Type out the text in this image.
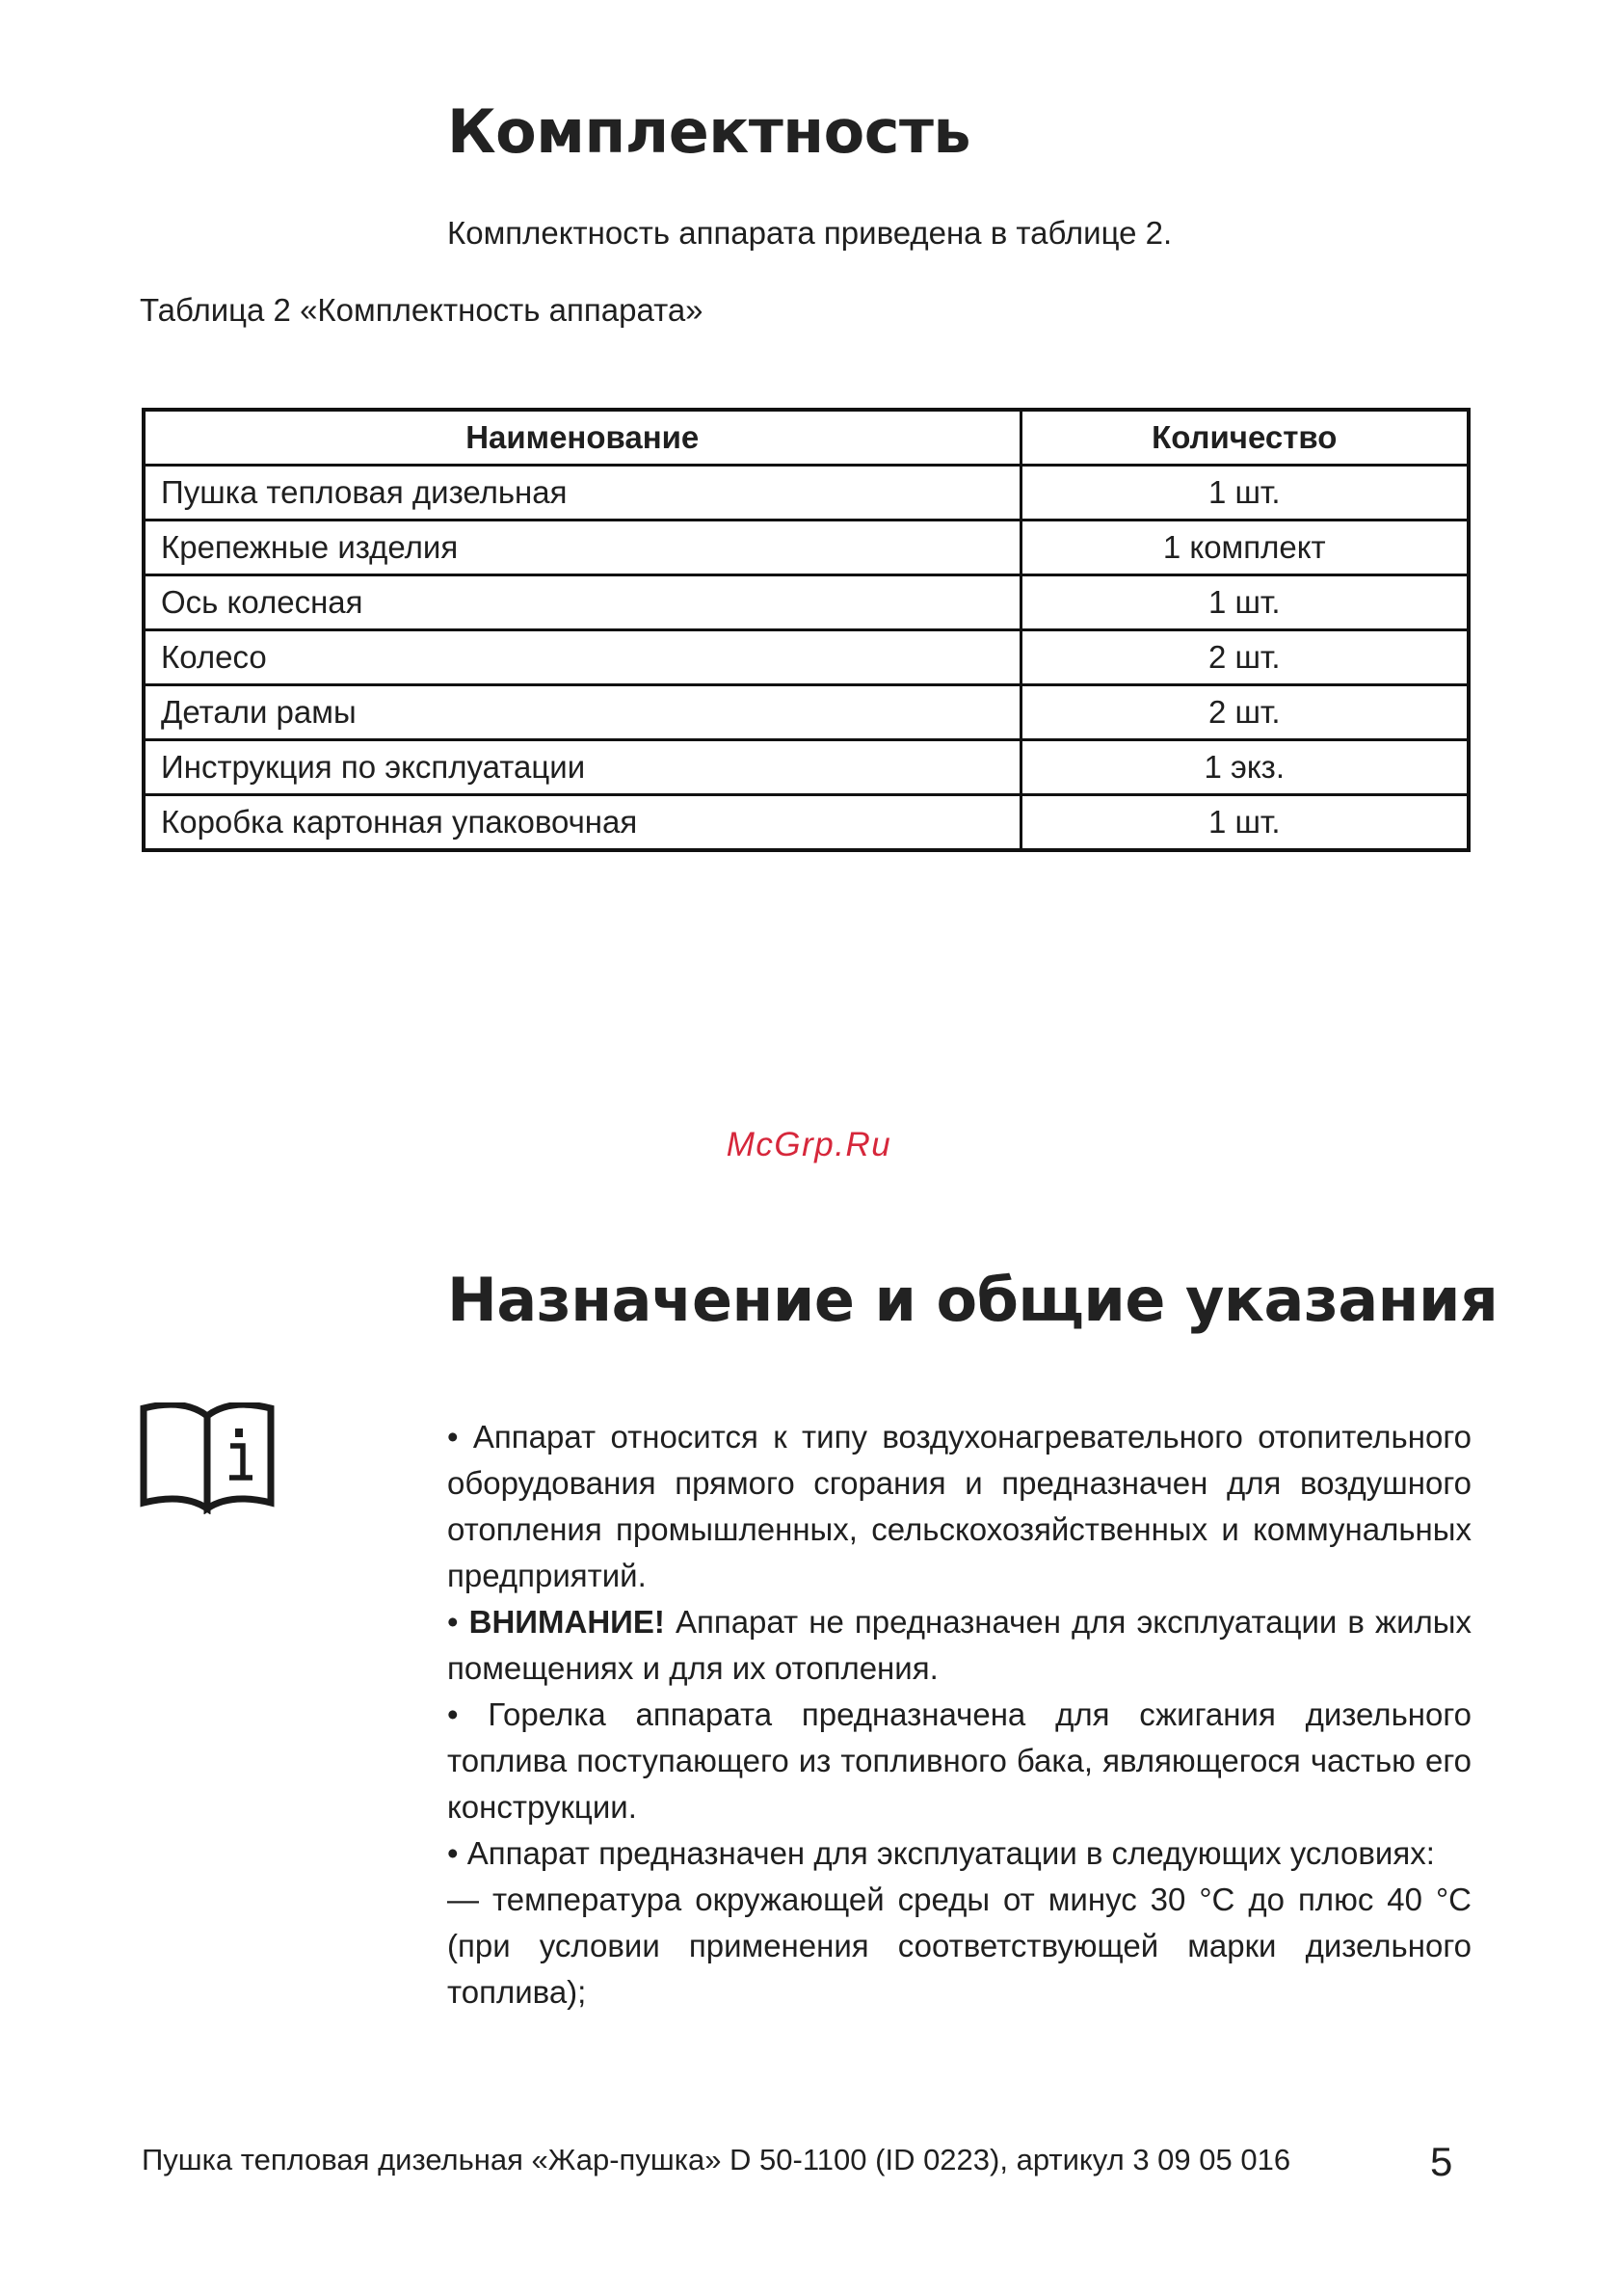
Комплектность
Комплектность аппарата приведена в таблице 2.
Таблица 2 «Комплектность аппарата»
Наименование	Количество
Пушка тепловая дизельная	1 шт.
Крепежные изделия	1 комплект
Ось колесная	1 шт.
Колесо	2 шт.
Детали рамы	2 шт.
Инструкция по эксплуатации	1 экз.
Коробка картонная упаковочная	1 шт.
McGrp.Ru
Назначение и общие указания

• Аппарат относится к типу воздухонагревательного отопительного оборудования прямого сгорания и предназначен для воздушного отопления промышленных, сельскохозяйственных и коммунальных предприятий.

• ВНИМАНИЕ! Аппарат не предназначен для эксплуатации в жилых помещениях и для их отопления.

• Горелка аппарата предназначена для сжигания дизельного топлива поступающего из топливного бака, являющегося частью его конструкции.

• Аппарат предназначен для эксплуатации в следующих условиях:

— температура окружающей среды от минус 30 °C до плюс 40 °C (при условии применения соответствующей марки дизельного топлива);

Пушка тепловая дизельная «Жар-пушка» D 50-1100 (ID 0223), артикул 3 09 05 016	5
